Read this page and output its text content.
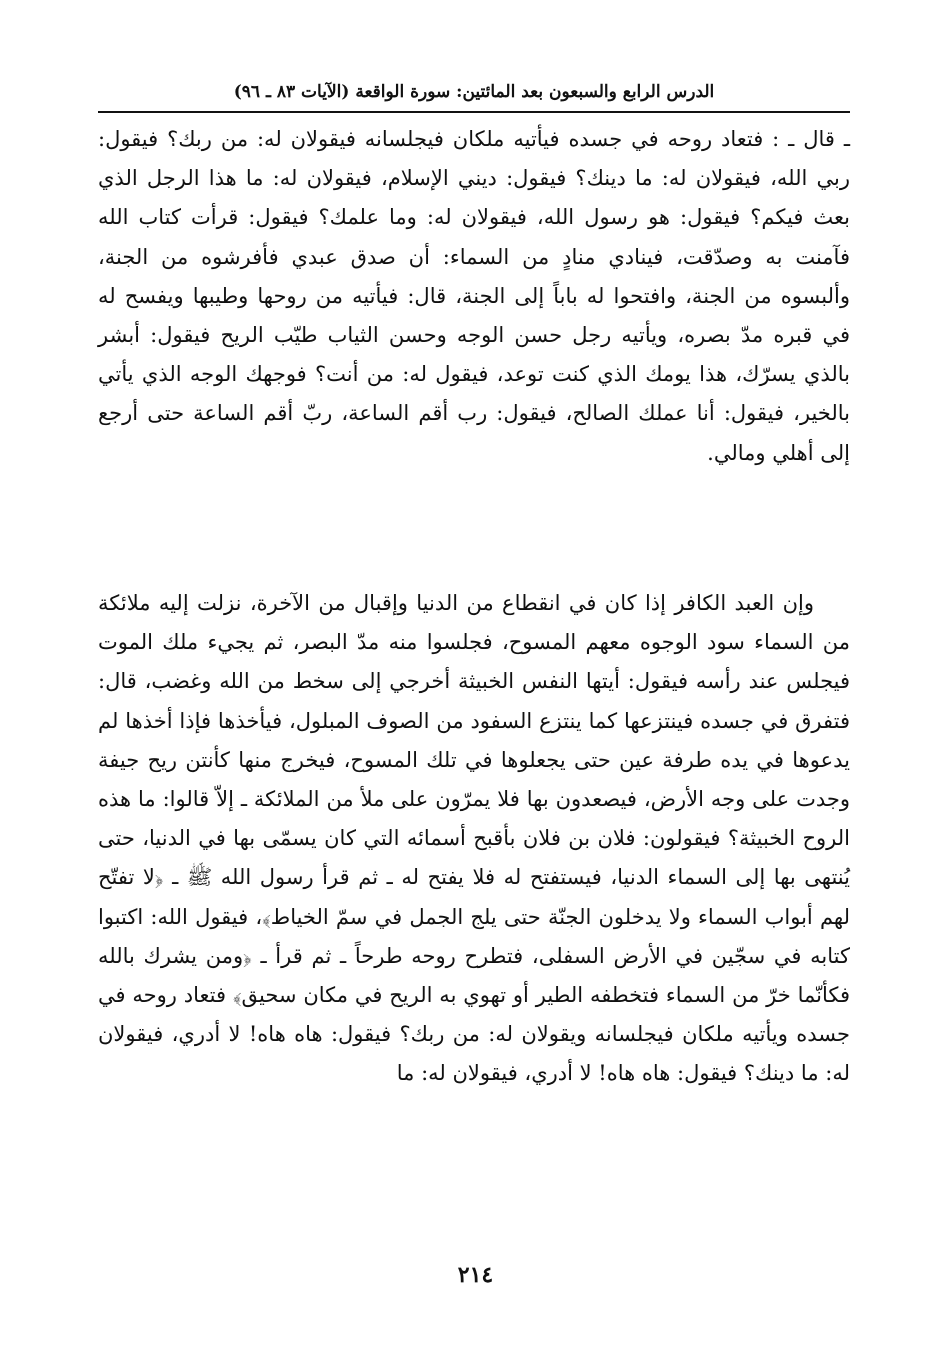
الدرس الرابع والسبعون بعد المائتين: سورة الواقعة (الآيات ٨٣ ـ ٩٦)

ـ قال ـ : فتعاد روحه في جسده فيأتيه ملكان فيجلسانه فيقولان له: من ربك؟ فيقول: ربي الله، فيقولان له: ما دينك؟ فيقول: ديني الإسلام، فيقولان له: ما هذا الرجل الذي بعث فيكم؟ فيقول: هو رسول الله، فيقولان له: وما علمك؟ فيقول: قرأت كتاب الله فآمنت به وصدّقت، فينادي منادٍ من السماء: أن صدق عبدي فأفرشوه من الجنة، وألبسوه من الجنة، وافتحوا له باباً إلى الجنة، قال: فيأتيه من روحها وطيبها ويفسح له في قبره مدّ بصره، ويأتيه رجل حسن الوجه وحسن الثياب طيّب الريح فيقول: أبشر بالذي يسرّك، هذا يومك الذي كنت توعد، فيقول له: من أنت؟ فوجهك الوجه الذي يأتي بالخير، فيقول: أنا عملك الصالح، فيقول: رب أقم الساعة، ربّ أقم الساعة حتى أرجع إلى أهلي ومالي.

وإن العبد الكافر إذا كان في انقطاع من الدنيا وإقبال من الآخرة، نزلت إليه ملائكة من السماء سود الوجوه معهم المسوح، فجلسوا منه مدّ البصر، ثم يجيء ملك الموت فيجلس عند رأسه فيقول: أيتها النفس الخبيثة أخرجي إلى سخط من الله وغضب، قال: فتفرق في جسده فينتزعها كما ينتزع السفود من الصوف المبلول، فيأخذها فإذا أخذها لم يدعوها في يده طرفة عين حتى يجعلوها في تلك المسوح، فيخرج منها كأنتن ريح جيفة وجدت على وجه الأرض، فيصعدون بها فلا يمرّون على ملأ من الملائكة ـ إلاّ قالوا: ما هذه الروح الخبيثة؟ فيقولون: فلان بن فلان بأقبح أسمائه التي كان يسمّى بها في الدنيا، حتى يُنتهى بها إلى السماء الدنيا، فيستفتح له فلا يفتح له ـ ثم قرأ رسول الله ﷺ ـ ﴿لا تفتّح لهم أبواب السماء ولا يدخلون الجنّة حتى يلج الجمل في سمّ الخياط﴾، فيقول الله: اكتبوا كتابه في سجّين في الأرض السفلى، فتطرح روحه طرحاً ـ ثم قرأ ـ ﴿ومن يشرك بالله فكأنّما خرّ من السماء فتخطفه الطير أو تهوي به الريح في مكان سحيق﴾ فتعاد روحه في جسده ويأتيه ملكان فيجلسانه ويقولان له: من ربك؟ فيقول: هاه هاه! لا أدري، فيقولان له: ما دينك؟ فيقول: هاه هاه! لا أدري، فيقولان له: ما

٢١٤
